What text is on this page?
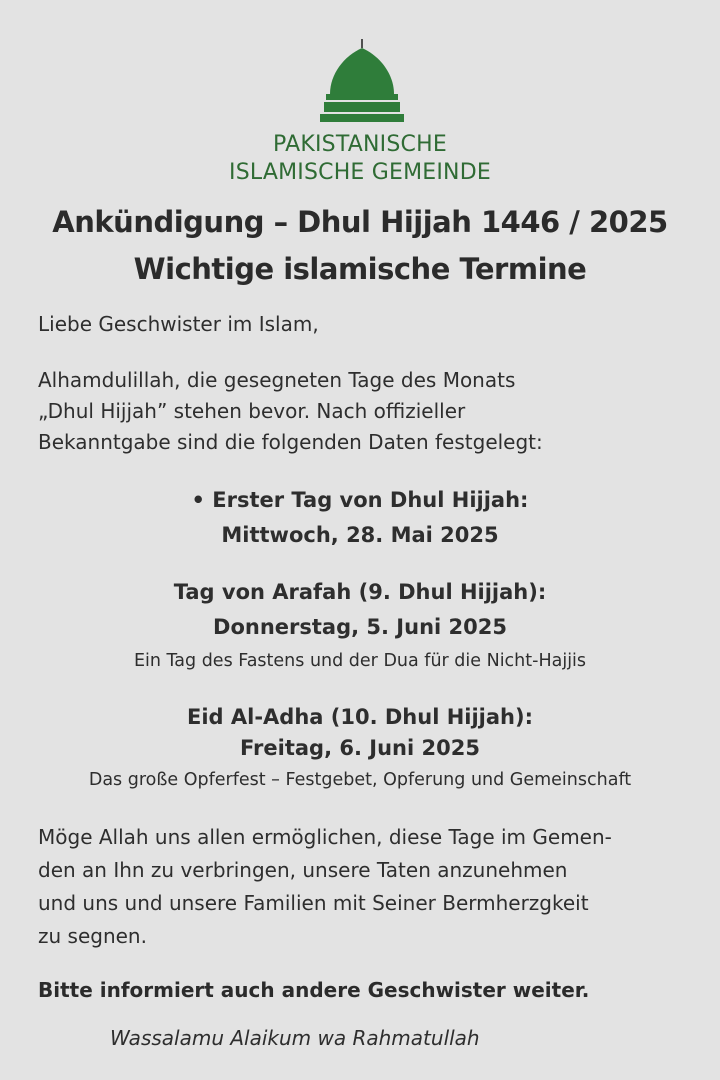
PAKISTANISCHE
ISLAMISCHE GEMEINDE
Ankündigung – Dhul Hijjah 1446 / 2025
Wichtige islamische Termine
Liebe Geschwister im Islam,
Alhamdulillah, die gesegneten Tage des Monats
„Dhul Hijjah” stehen bevor. Nach offizieller
Bekanntgabe sind die folgenden Daten festgelegt:
• Erster Tag von Dhul Hijjah:
Mittwoch, 28. Mai 2025
Tag von Arafah (9. Dhul Hijjah):
Donnerstag, 5. Juni 2025
Ein Tag des Fastens und der Dua für die Nicht-Hajjis
Eid Al-Adha (10. Dhul Hijjah):
Freitag, 6. Juni 2025
Das große Opferfest – Festgebet, Opferung und Gemeinschaft
Möge Allah uns allen ermöglichen, diese Tage im Gemen-
den an Ihn zu verbringen, unsere Taten anzunehmen
und uns und unsere Familien mit Seiner Bermherzgkeit
zu segnen.
Bitte informiert auch andere Geschwister weiter.
Wassalamu Alaikum wa Rahmatullah
